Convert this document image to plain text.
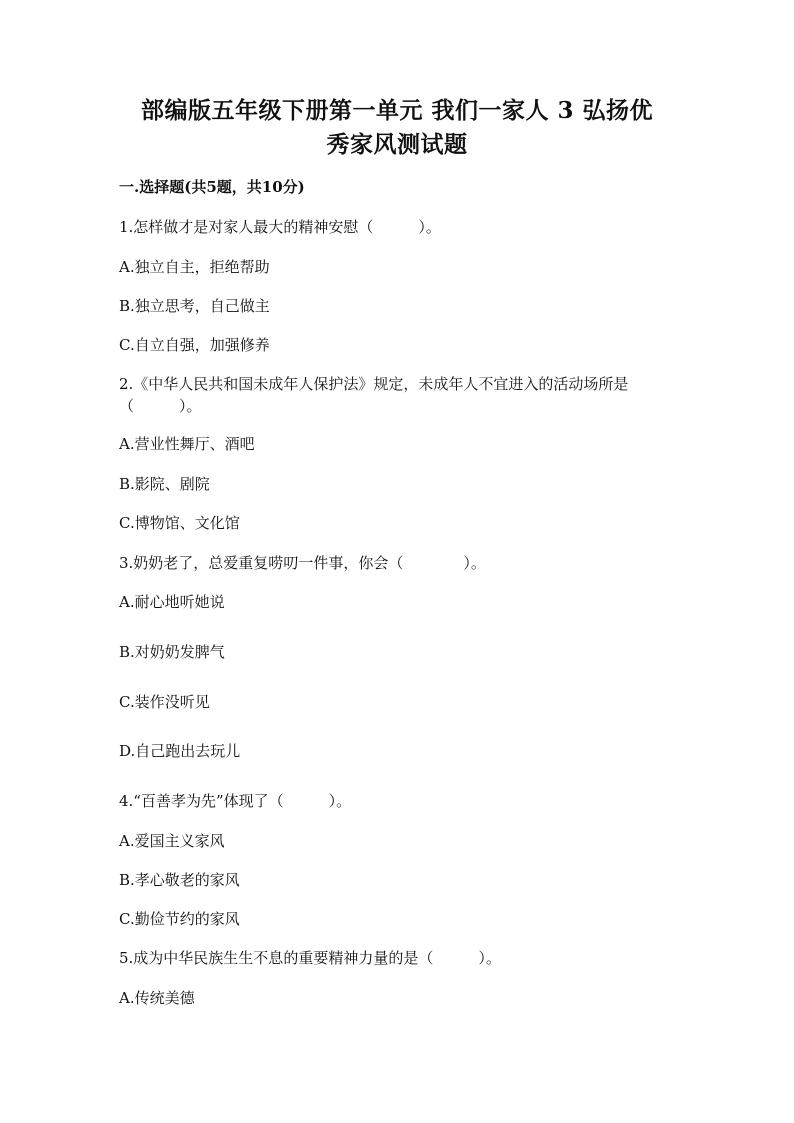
部编版五年级下册第一单元 我们一家人 3 弘扬优
秀家风测试题
一.选择题(共5题，共10分)
1.怎样做才是对家人最大的精神安慰（　　　）。
A.独立自主，拒绝帮助
B.独立思考，自己做主
C.自立自强，加强修养
2.《中华人民共和国未成年人保护法》规定，未成年人不宜进入的活动场所是
（　　　）。
A.营业性舞厅、酒吧
B.影院、剧院
C.博物馆、文化馆
3.奶奶老了，总爱重复唠叨一件事，你会（　　　　）。
A.耐心地听她说
B.对奶奶发脾气
C.装作没听见
D.自己跑出去玩儿
4.“百善孝为先”体现了（　　　）。
A.爱国主义家风
B.孝心敬老的家风
C.勤俭节约的家风
5.成为中华民族生生不息的重要精神力量的是（　　　）。
A.传统美德
